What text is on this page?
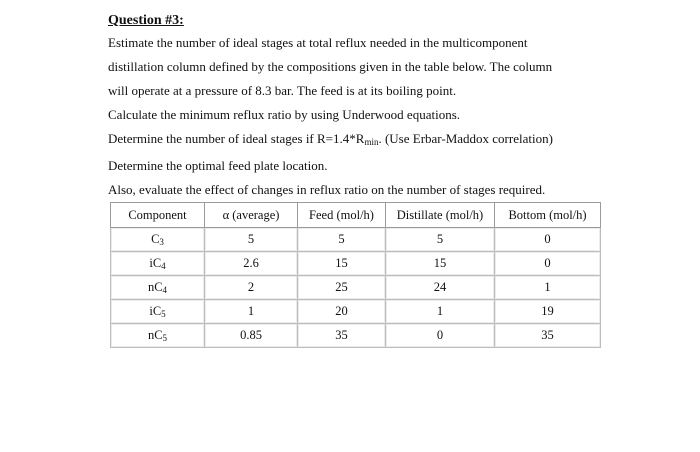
Question #3:

Estimate the number of ideal stages at total reflux needed in the multicomponent

distillation column defined by the compositions given in the table below. The column

will operate at a pressure of 8.3 bar. The feed is at its boiling point.

Calculate the minimum reflux ratio by using Underwood equations.

Determine the number of ideal stages if $R=1.4*R_{min}$. (Use Erbar-Maddox correlation)

Determine the optimal feed plate location.

Also, evaluate the effect of changes in reflux ratio on the number of stages required.

Component	α (average)	Feed (mol/h)	Distillate (mol/h)	Bottom (mol/h)
$C_3$	5	5	5	0
$iC_4$	2.6	15	15	0
$nC_4$	2	25	24	1
$iC_5$	1	20	1	19
$nC_5$	0.85	35	0	35
